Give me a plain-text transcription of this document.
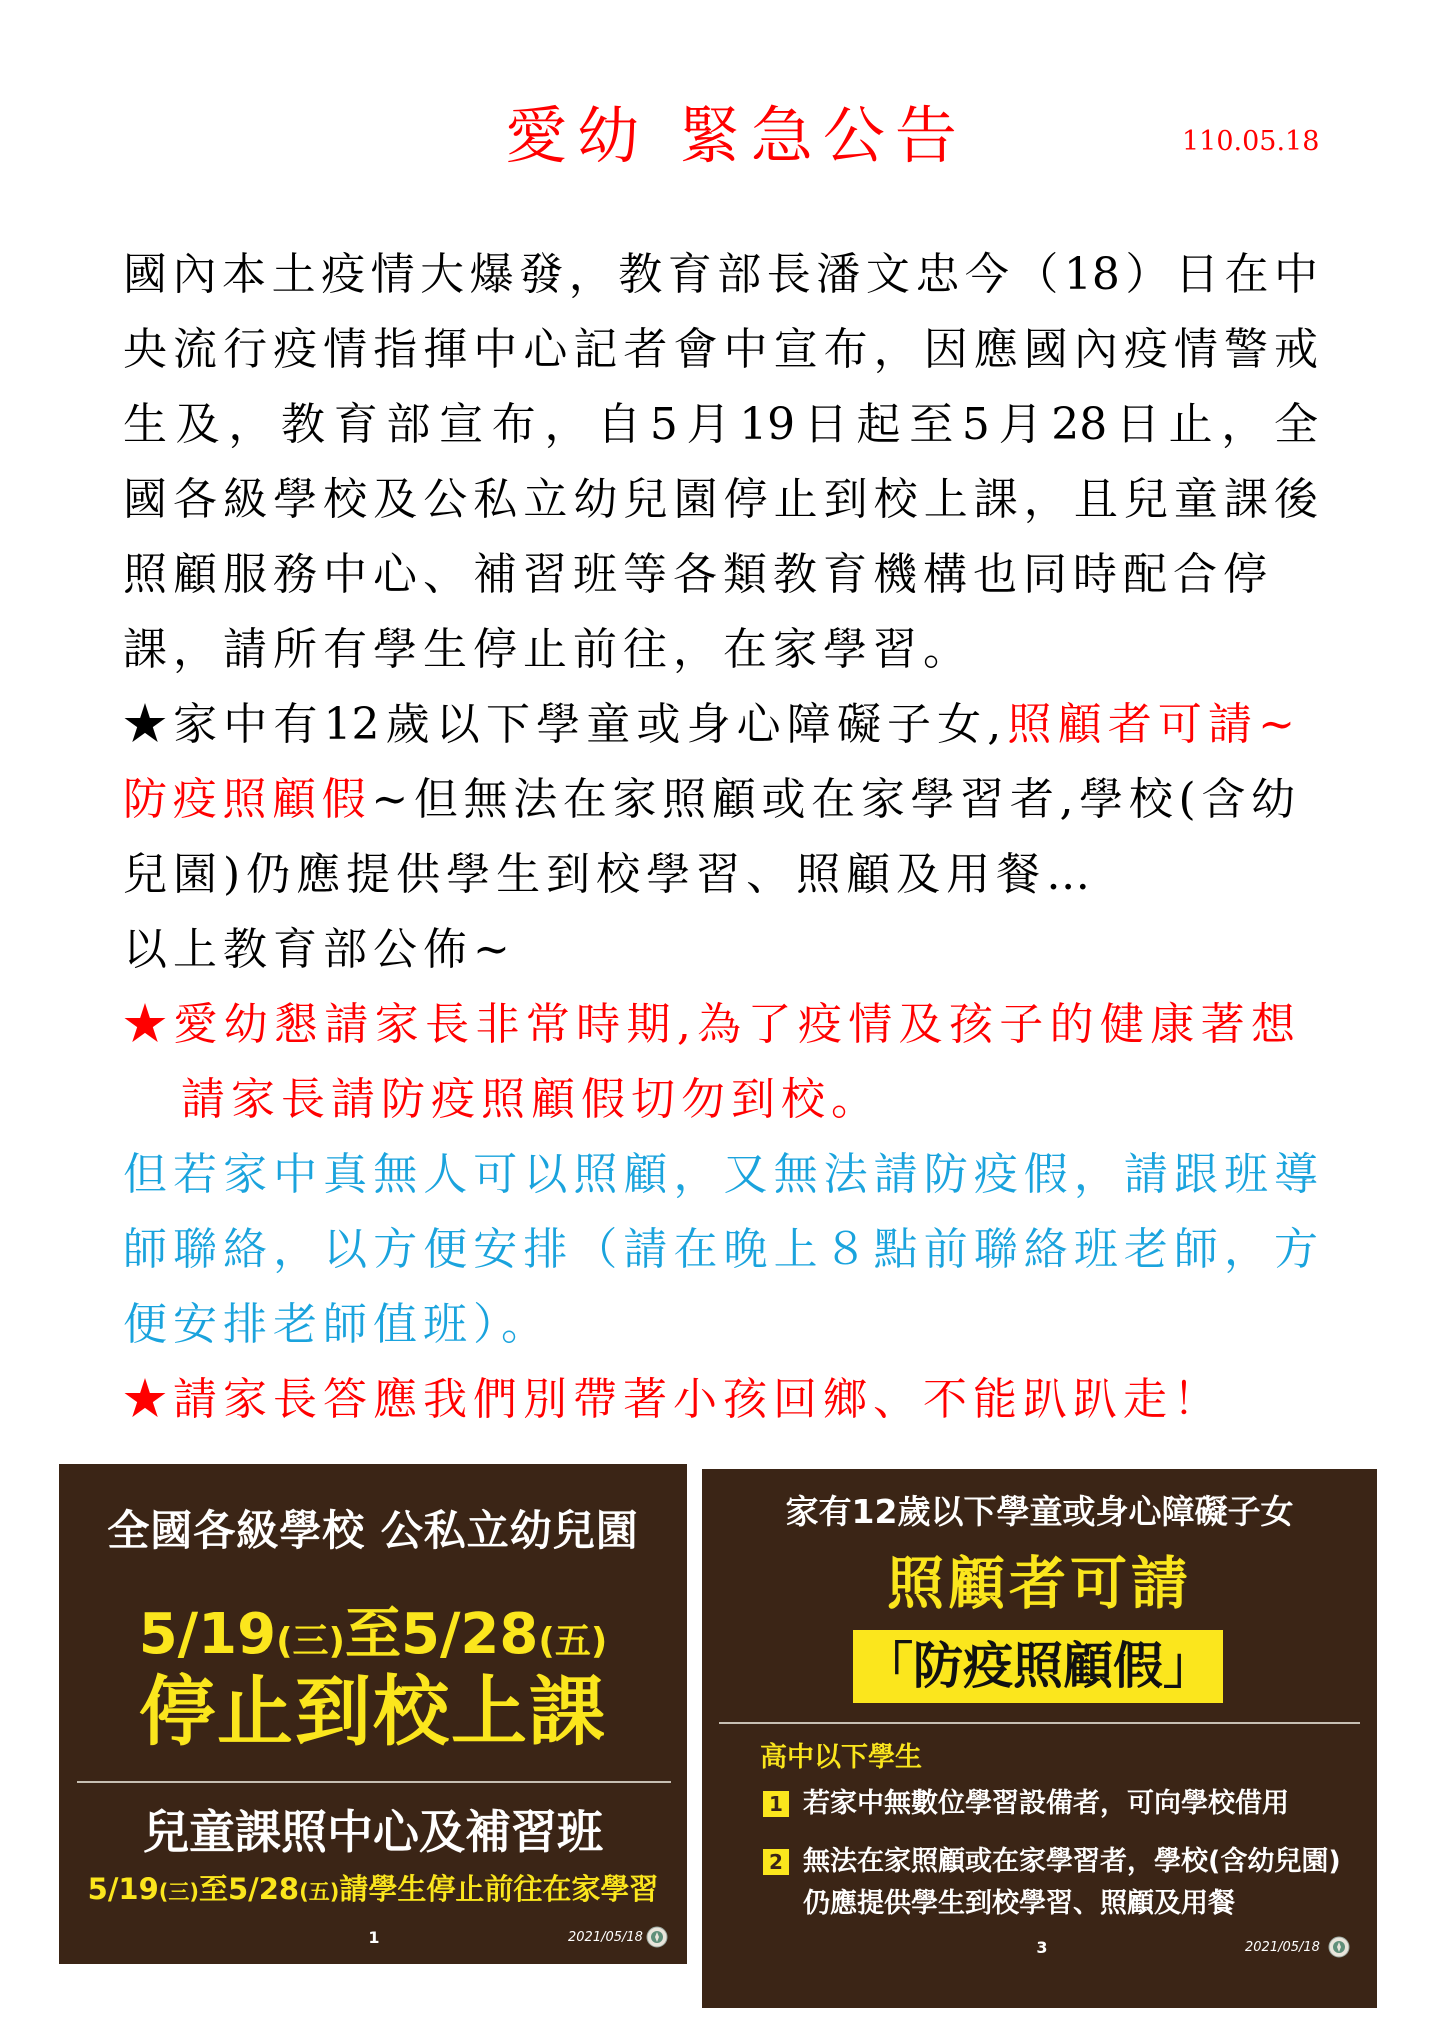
愛幼 緊急公告	110.05.18
國內本土疫情大爆發，教育部長潘文忠今（18）日在中
央流行疫情指揮中心記者會中宣布，因應國內疫情警戒
生及，教育部宣布，自5月19日起至5月28日止，全
國各級學校及公私立幼兒園停止到校上課，且兒童課後
照顧服務中心、補習班等各類教育機構也同時配合停
課，請所有學生停止前往，在家學習。
★家中有12歲以下學童或身心障礙子女,照顧者可請~
防疫照顧假~但無法在家照顧或在家學習者,學校(含幼
兒園)仍應提供學生到校學習、照顧及用餐…
以上教育部公佈~
★愛幼懇請家長非常時期,為了疫情及孩子的健康著想
請家長請防疫照顧假切勿到校。
但若家中真無人可以照顧，又無法請防疫假，請跟班導
師聯絡，以方便安排（請在晚上８點前聯絡班老師，方
便安排老師值班）。
★請家長答應我們別帶著小孩回鄉、不能趴趴走！
全國各級學校 公私立幼兒園
5/19(三)至5/28(五)
停止到校上課
兒童課照中心及補習班
5/19(三)至5/28(五)請學生停止前往在家學習
1	2021/05/18
家有12歲以下學童或身心障礙子女
照顧者可請
「防疫照顧假」
高中以下學生
1 若家中無數位學習設備者，可向學校借用
2 無法在家照顧或在家學習者，學校(含幼兒園)
仍應提供學生到校學習、照顧及用餐
3	2021/05/18
